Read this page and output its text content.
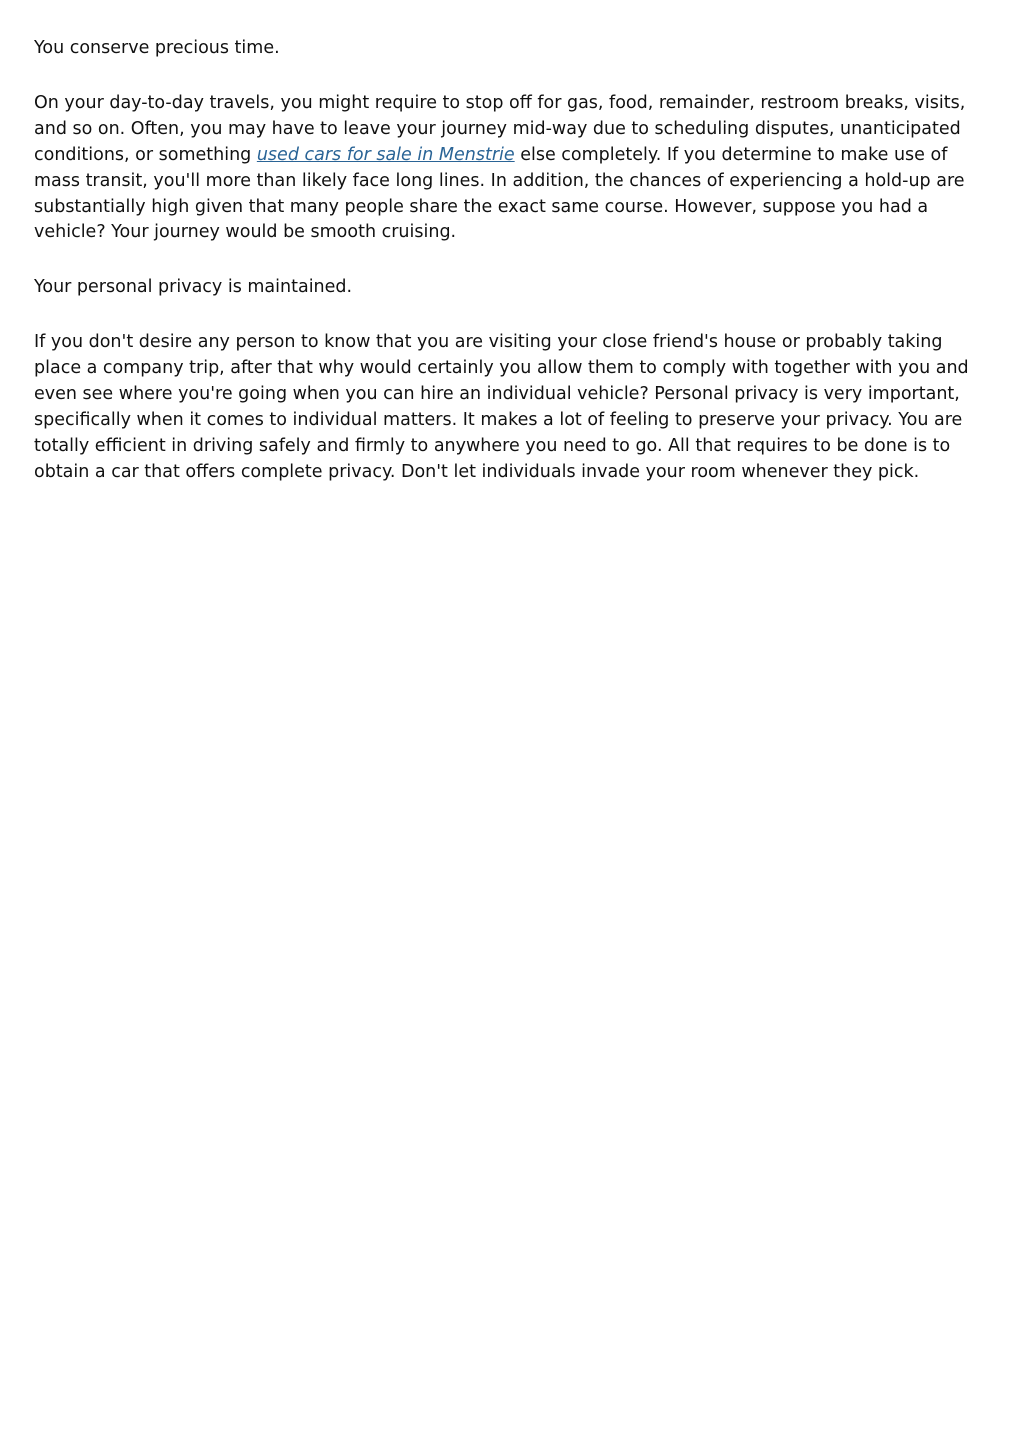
You conserve precious time.

On your day-to-day travels, you might require to stop off for gas, food, remainder, restroom breaks, visits, and so on. Often, you may have to leave your journey mid-way due to scheduling disputes, unanticipated conditions, or something used cars for sale in Menstrie else completely. If you determine to make use of mass transit, you'll more than likely face long lines. In addition, the chances of experiencing a hold-up are substantially high given that many people share the exact same course. However, suppose you had a vehicle? Your journey would be smooth cruising.

Your personal privacy is maintained.

If you don't desire any person to know that you are visiting your close friend's house or probably taking place a company trip, after that why would certainly you allow them to comply with together with you and even see where you're going when you can hire an individual vehicle? Personal privacy is very important, specifically when it comes to individual matters. It makes a lot of feeling to preserve your privacy. You are totally efficient in driving safely and firmly to anywhere you need to go. All that requires to be done is to obtain a car that offers complete privacy. Don't let individuals invade your room whenever they pick.
